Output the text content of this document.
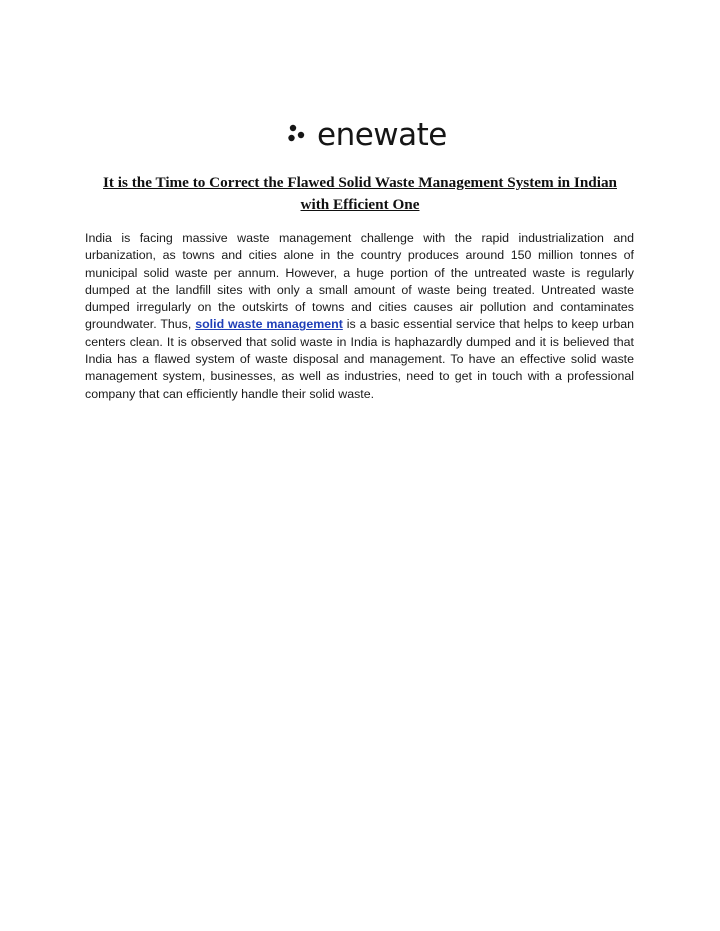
enewate
It is the Time to Correct the Flawed Solid Waste Management System in Indian with Efficient One

India is facing massive waste management challenge with the rapid industrialization and urbanization, as towns and cities alone in the country produces around 150 million tonnes of municipal solid waste per annum. However, a huge portion of the untreated waste is regularly dumped at the landfill sites with only a small amount of waste being treated. Untreated waste dumped irregularly on the outskirts of towns and cities causes air pollution and contaminates groundwater. Thus, solid waste management is a basic essential service that helps to keep urban centers clean. It is observed that solid waste in India is haphazardly dumped and it is believed that India has a flawed system of waste disposal and management. To have an effective solid waste management system, businesses, as well as industries, need to get in touch with a professional company that can efficiently handle their solid waste.
